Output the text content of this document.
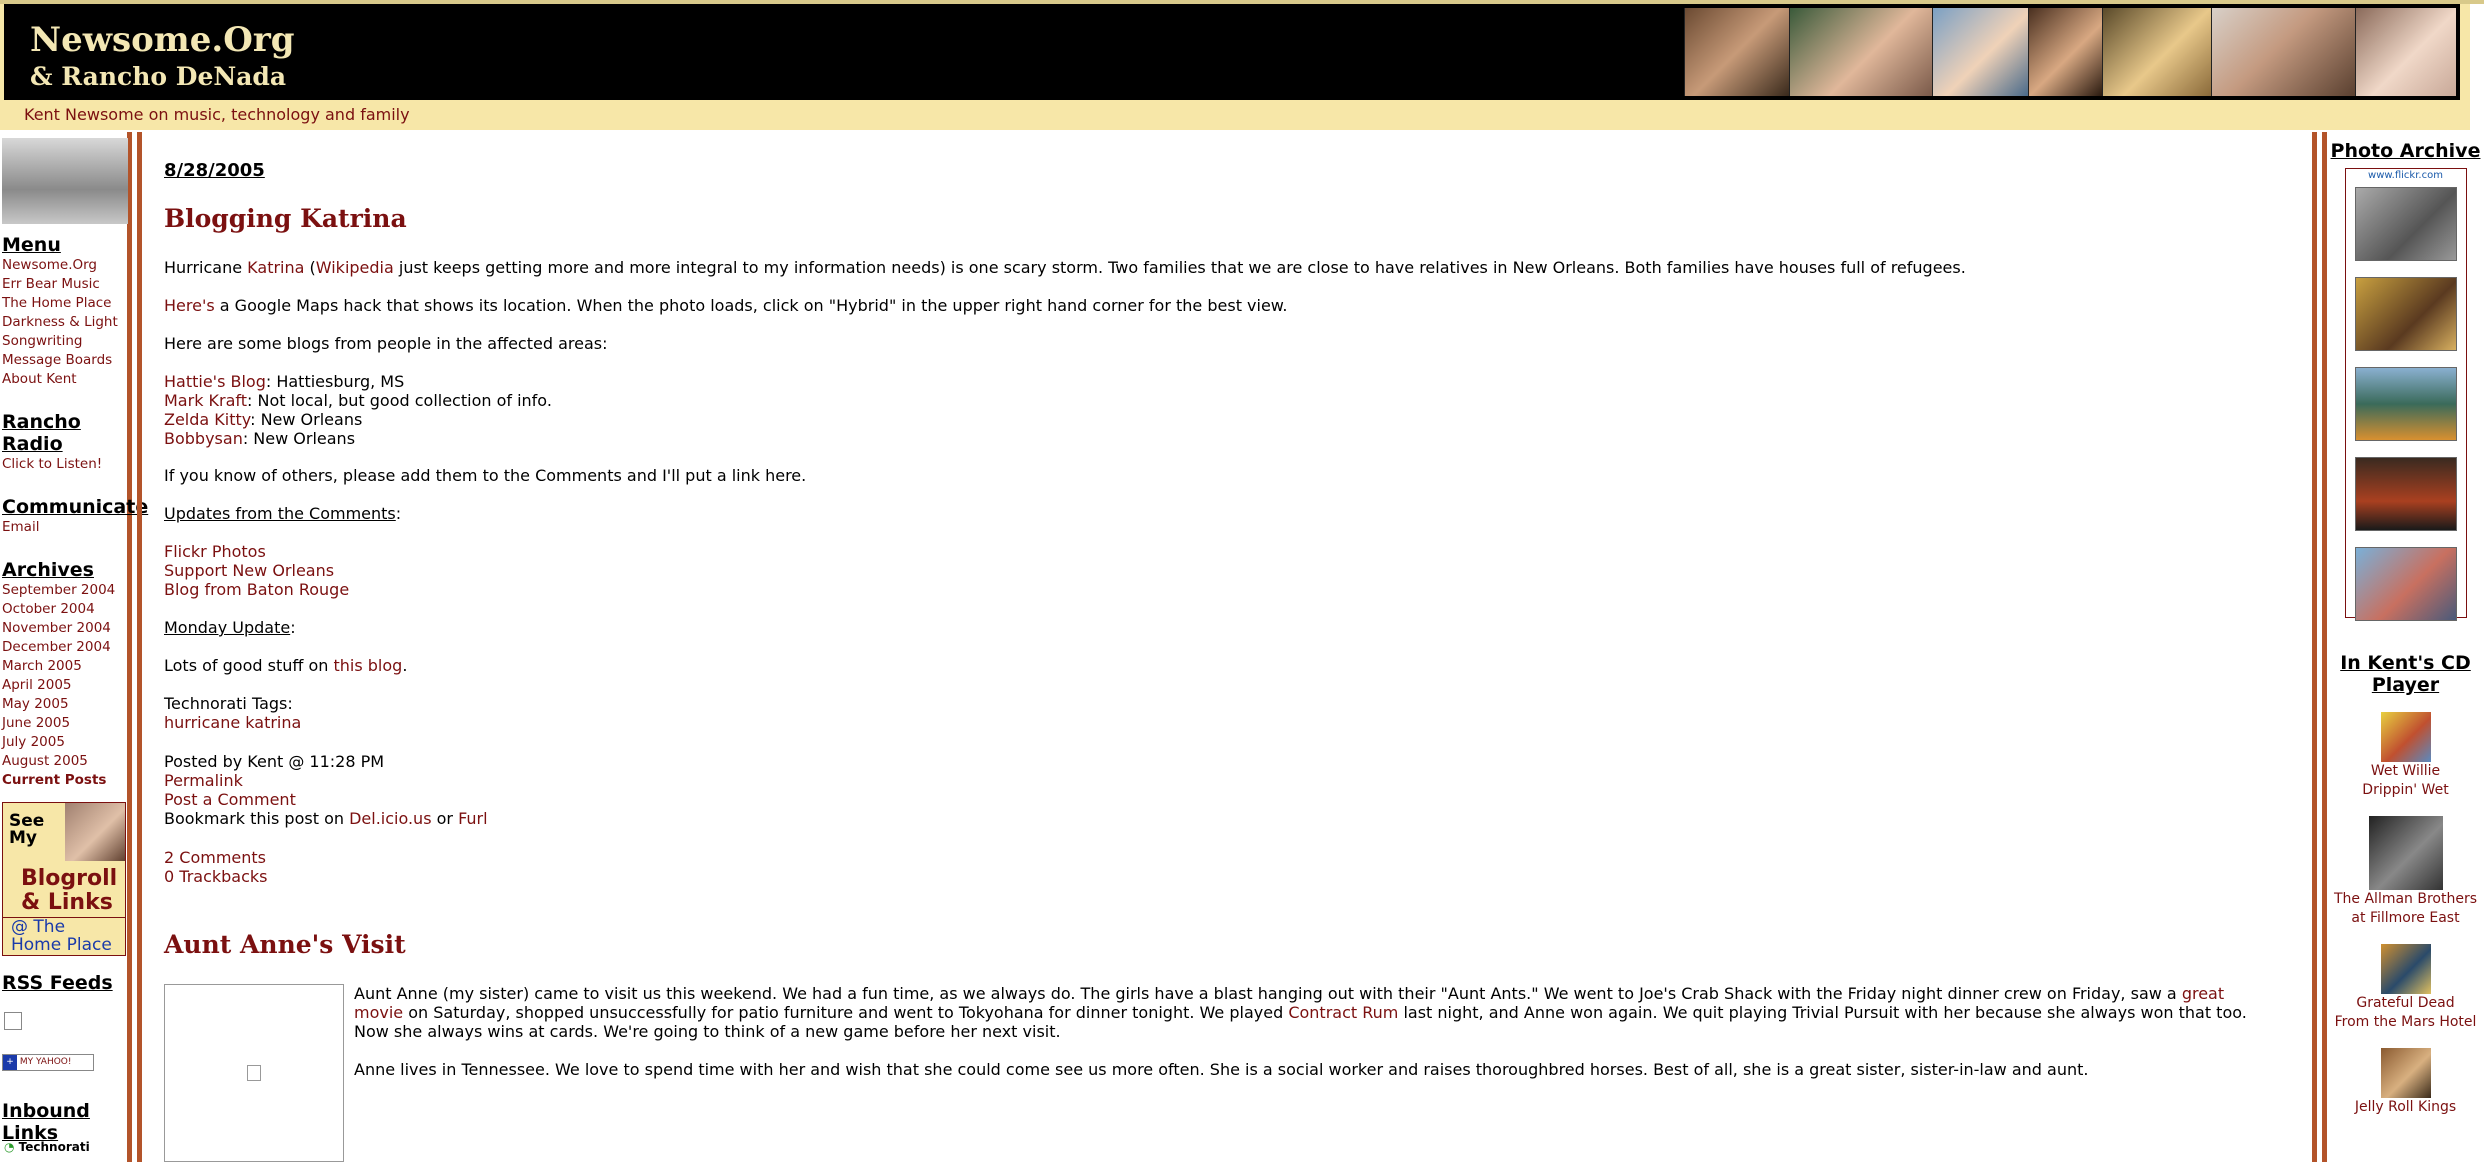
Newsome.Org
& Rancho DeNada
Kent Newsome on music, technology and family
Menu
Newsome.Org
Err Bear Music
The Home Place
Darkness & Light
Songwriting
Message Boards
About Kent
Rancho Radio
Click to Listen!
Communicate
Email
Archives
September 2004
October 2004
November 2004
December 2004
March 2005
April 2005
May 2005
June 2005
July 2005
August 2005
Current Posts
See
My
Blogroll
& Links
@ The
Home Place
RSS Feeds
+ MY YAHOO!
Inbound Links
◔ Technorati
8/28/2005
Blogging Katrina
Hurricane Katrina (Wikipedia just keeps getting more and more integral to my information needs) is one scary storm. Two families that we are close to have relatives in New Orleans. Both families have houses full of refugees.
Here's a Google Maps hack that shows its location. When the photo loads, click on "Hybrid" in the upper right hand corner for the best view.
Here are some blogs from people in the affected areas:
Hattie's Blog: Hattiesburg, MS
Mark Kraft: Not local, but good collection of info.
Zelda Kitty: New Orleans
Bobbysan: New Orleans
If you know of others, please add them to the Comments and I'll put a link here.
Updates from the Comments:
Flickr Photos
Support New Orleans
Blog from Baton Rouge
Monday Update:
Lots of good stuff on this blog.
Technorati Tags:
hurricane katrina
Posted by Kent @ 11:28 PM
Permalink
Post a Comment
Bookmark this post on Del.icio.us or Furl
2 Comments
0 Trackbacks
Aunt Anne's Visit
Aunt Anne (my sister) came to visit us this weekend. We had a fun time, as we always do. The girls have a blast hanging out with their "Aunt Ants." We went to Joe's Crab Shack with the Friday night dinner crew on Friday, saw a great movie on Saturday, shopped unsuccessfully for patio furniture and went to Tokyohana for dinner tonight. We played Contract Rum last night, and Anne won again. We quit playing Trivial Pursuit with her because she always won that too. Now she always wins at cards. We're going to think of a new game before her next visit.
Anne lives in Tennessee. We love to spend time with her and wish that she could come see us more often. She is a social worker and raises thoroughbred horses. Best of all, she is a great sister, sister-in-law and aunt.
Photo Archive
www.flickr.com
In Kent's CD Player
Wet Willie
Drippin' Wet
The Allman Brothers
at Fillmore East
Grateful Dead
From the Mars Hotel
Jelly Roll Kings
